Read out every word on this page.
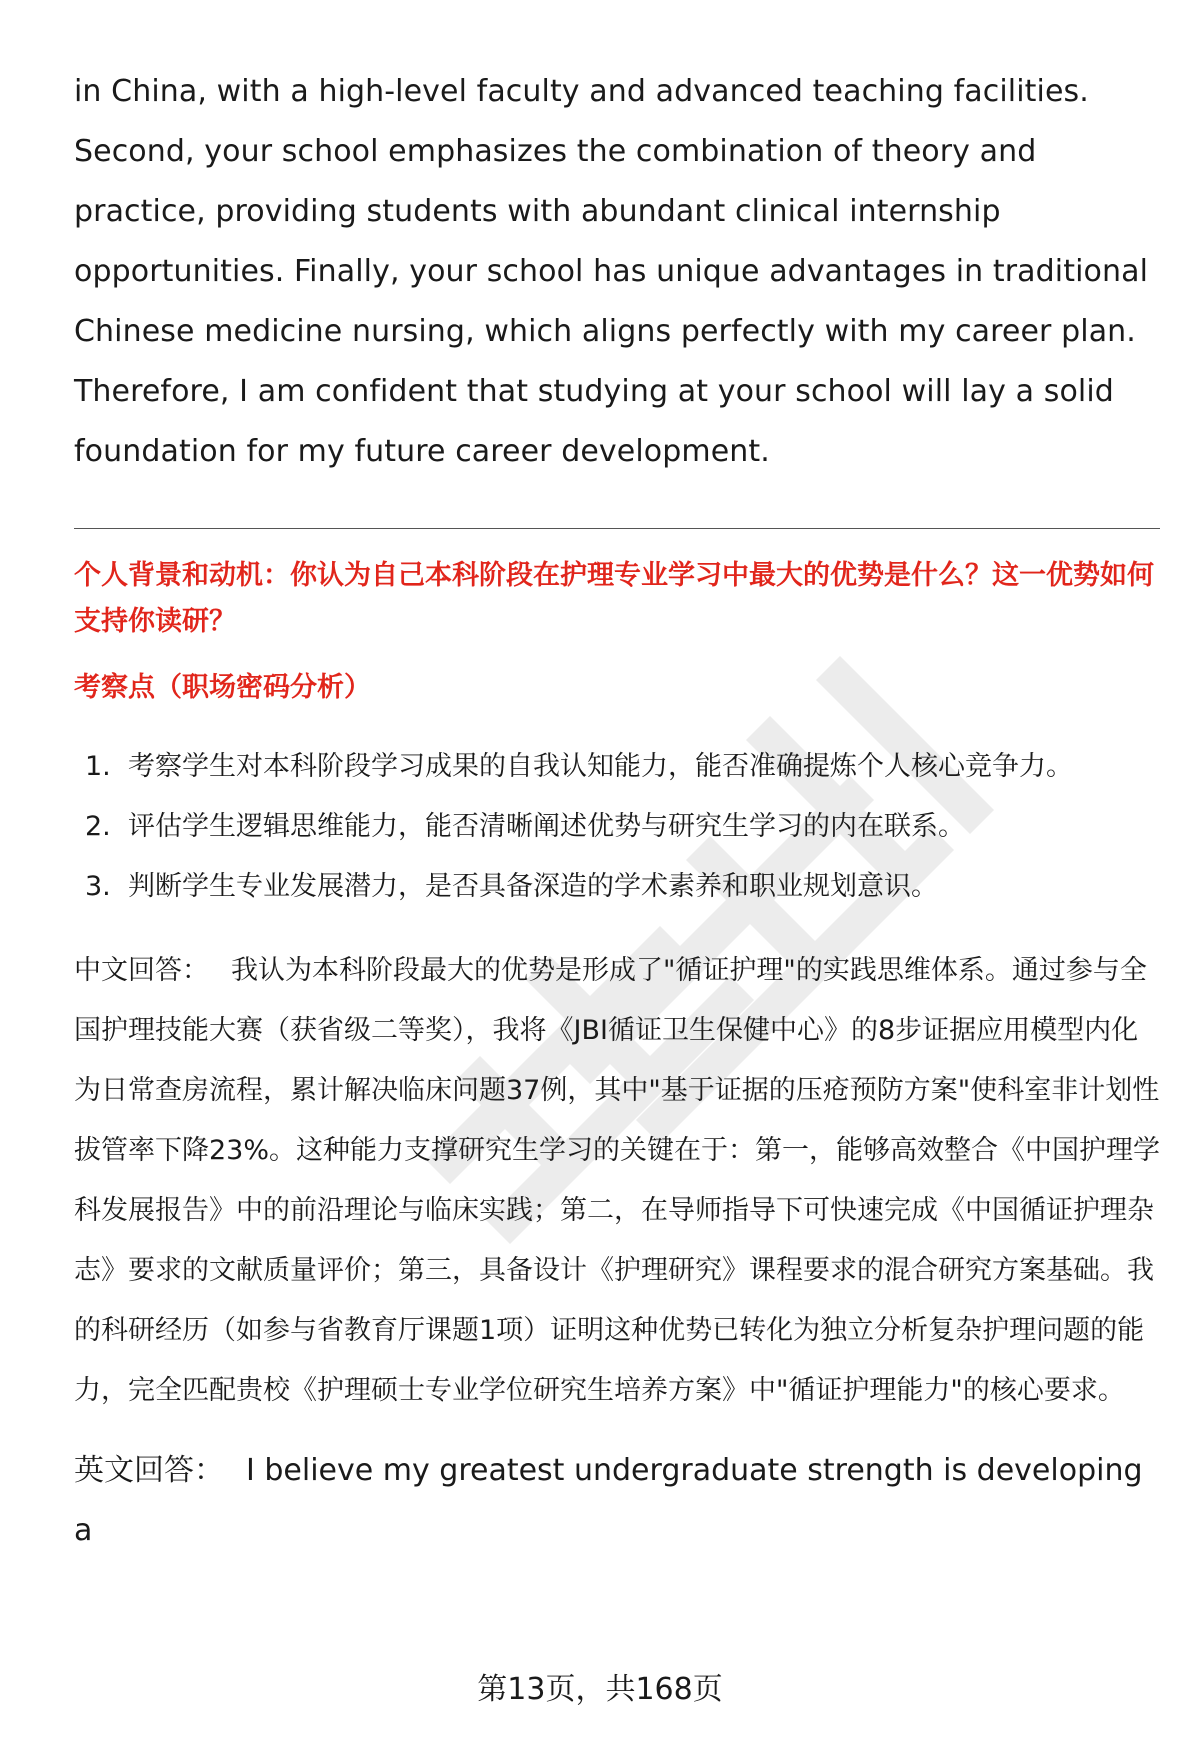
in China, with a high-level faculty and advanced teaching facilities. Second, your school emphasizes the combination of theory and practice, providing students with abundant clinical internship opportunities. Finally, your school has unique advantages in traditional Chinese medicine nursing, which aligns perfectly with my career plan. Therefore, I am confident that studying at your school will lay a solid foundation for my future career development.

个人背景和动机：你认为自己本科阶段在护理专业学习中最大的优势是什么？这一优势如何支持你读研？

考察点（职场密码分析）

1. 考察学生对本科阶段学习成果的自我认知能力，能否准确提炼个人核心竞争力。
2. 评估学生逻辑思维能力，能否清晰阐述优势与研究生学习的内在联系。
3. 判断学生专业发展潜力，是否具备深造的学术素养和职业规划意识。

中文回答： 我认为本科阶段最大的优势是形成了"循证护理"的实践思维体系。通过参与全国护理技能大赛（获省级二等奖），我将《JBI循证卫生保健中心》的8步证据应用模型内化为日常查房流程，累计解决临床问题37例，其中"基于证据的压疮预防方案"使科室非计划性拔管率下降23%。这种能力支撑研究生学习的关键在于：第一，能够高效整合《中国护理学科发展报告》中的前沿理论与临床实践；第二，在导师指导下可快速完成《中国循证护理杂志》要求的文献质量评价；第三，具备设计《护理研究》课程要求的混合研究方案基础。我的科研经历（如参与省教育厅课题1项）证明这种优势已转化为独立分析复杂护理问题的能力，完全匹配贵校《护理硕士专业学位研究生培养方案》中"循证护理能力"的核心要求。

英文回答： I believe my greatest undergraduate strength is developing a

第13页，共168页
